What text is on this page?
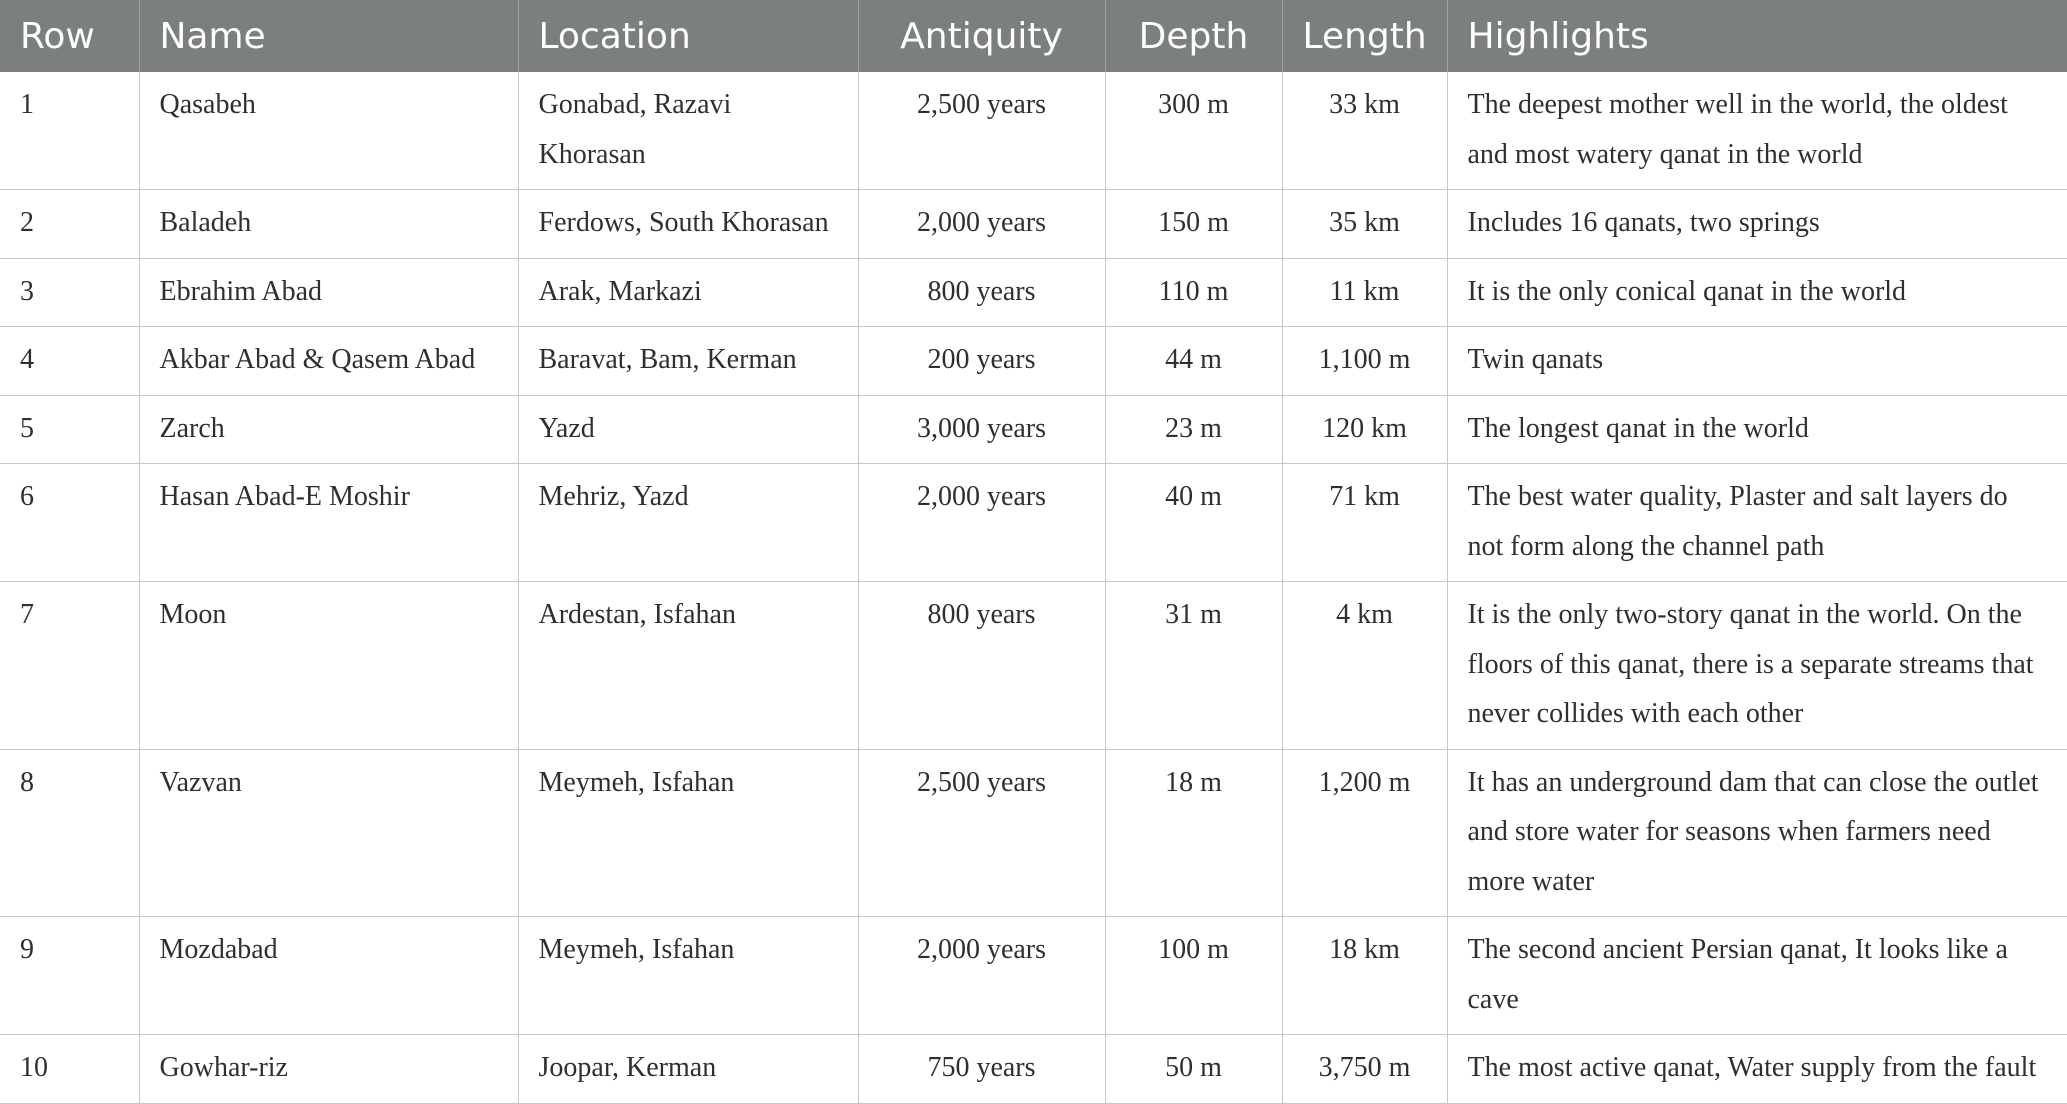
Row	Name	Location	Antiquity	Depth	Length	Highlights
1	Qasabeh	Gonabad, Razavi Khorasan	2,500 years	300 m	33 km	The deepest mother well in the world, the oldest and most watery qanat in the world
2	Baladeh	Ferdows, South Khorasan	2,000 years	150 m	35 km	Includes 16 qanats, two springs
3	Ebrahim Abad	Arak, Markazi	800 years	110 m	11 km	It is the only conical qanat in the world
4	Akbar Abad & Qasem Abad	Baravat, Bam, Kerman	200 years	44 m	1,100 m	Twin qanats
5	Zarch	Yazd	3,000 years	23 m	120 km	The longest qanat in the world
6	Hasan Abad-E Moshir	Mehriz, Yazd	2,000 years	40 m	71 km	The best water quality, Plaster and salt layers do not form along the channel path
7	Moon	Ardestan, Isfahan	800 years	31 m	4 km	It is the only two-story qanat in the world. On the floors of this qanat, there is a separate streams that never collides with each other
8	Vazvan	Meymeh, Isfahan	2,500 years	18 m	1,200 m	It has an underground dam that can close the outlet and store water for seasons when farmers need more water
9	Mozdabad	Meymeh, Isfahan	2,000 years	100 m	18 km	The second ancient Persian qanat, It looks like a cave
10	Gowhar-riz	Joopar, Kerman	750 years	50 m	3,750 m	The most active qanat, Water supply from the fault
